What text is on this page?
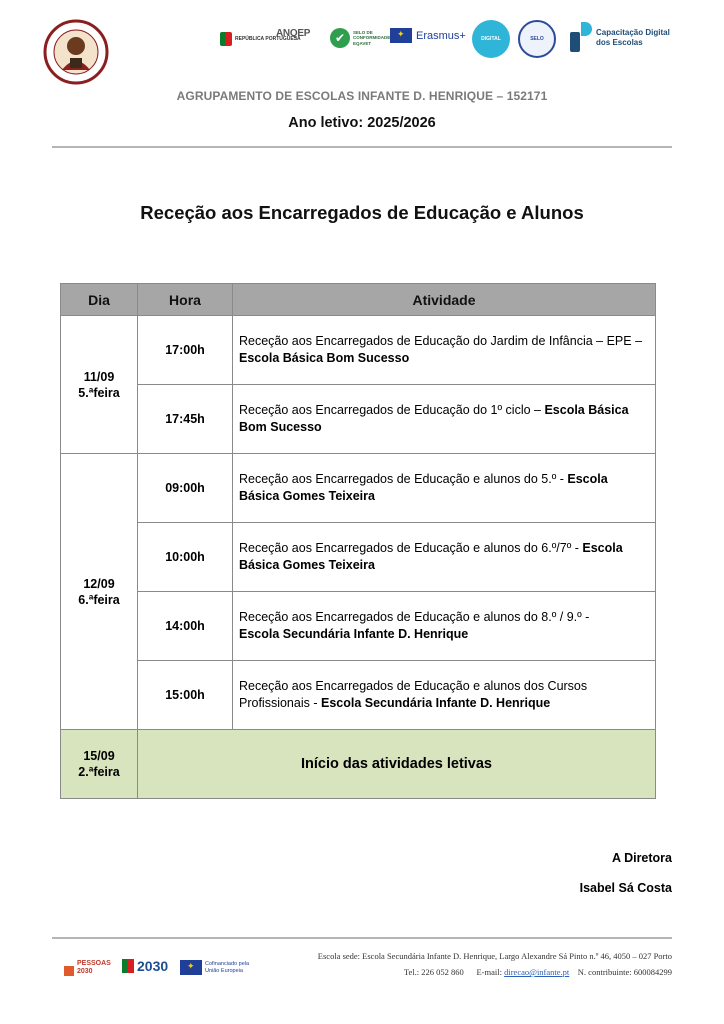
REPÚBLICA PORTUGUESA
ANQEP	✔	SELO DE CONFORMIDADE EQAVET
✦
Erasmus+	DIGITAL	SELO
Capacitação Digital dos Escolas
AGRUPAMENTO DE ESCOLAS INFANTE D. HENRIQUE – 152171
Ano letivo: 2025/2026
Receção aos Encarregados de Educação e Alunos
Dia	Hora	Atividade

11/09
5.ªfeira	17:00h	Receção aos Encarregados de Educação do Jardim de Infância – EPE – Escola Básica Bom Sucesso
	17:45h	Receção aos Encarregados de Educação do 1º ciclo – Escola Básica Bom Sucesso

12/09
6.ªfeira	09:00h	Receção aos Encarregados de Educação e alunos do 5.º - Escola Básica Gomes Teixeira
	10:00h	Receção aos Encarregados de Educação e alunos do 6.º/7º - Escola Básica Gomes Teixeira
	14:00h	Receção aos Encarregados de Educação e alunos do 8.º / 9.º -
Escola Secundária Infante D. Henrique
	15:00h	Receção aos Encarregados de Educação e alunos dos Cursos Profissionais - Escola Secundária Infante D. Henrique

15/09
2.ªfeira	Início das atividades letivas	
A Diretora
Isabel Sá Costa
PESSOAS 2030	2030 ✦	Cofinanciado pela União Europeia
Escola sede: Escola Secundária Infante D. Henrique, Largo Alexandre Sá Pinto n.º 46, 4050 – 027 Porto
Tel.: 226 052 860 E-mail: direcao@infante.pt N. contribuinte: 600084299
